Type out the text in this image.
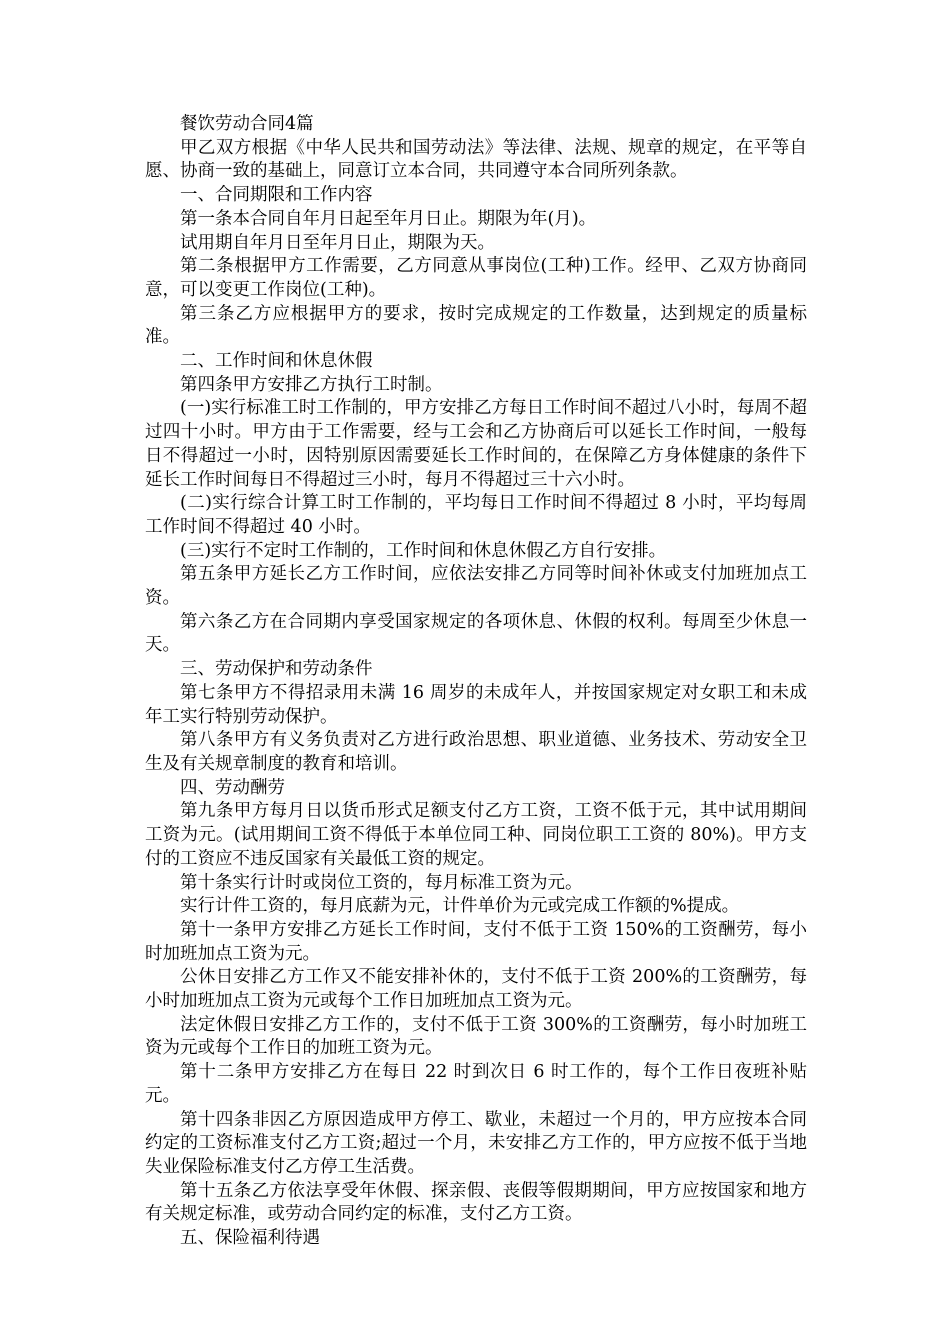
餐饮劳动合同4篇

甲乙双方根据《中华人民共和国劳动法》等法律、法规、规章的规定，在平等自愿、协商一致的基础上，同意订立本合同，共同遵守本合同所列条款。

一、合同期限和工作内容

第一条本合同自年月日起至年月日止。期限为年(月)。

试用期自年月日至年月日止，期限为天。

第二条根据甲方工作需要，乙方同意从事岗位(工种)工作。经甲、乙双方协商同意，可以变更工作岗位(工种)。

第三条乙方应根据甲方的要求，按时完成规定的工作数量，达到规定的质量标准。

二、工作时间和休息休假

第四条甲方安排乙方执行工时制。

(一)实行标准工时工作制的，甲方安排乙方每日工作时间不超过八小时，每周不超过四十小时。甲方由于工作需要，经与工会和乙方协商后可以延长工作时间，一般每日不得超过一小时，因特别原因需要延长工作时间的，在保障乙方身体健康的条件下延长工作时间每日不得超过三小时，每月不得超过三十六小时。

(二)实行综合计算工时工作制的，平均每日工作时间不得超过 8 小时，平均每周工作时间不得超过 40 小时。

(三)实行不定时工作制的，工作时间和休息休假乙方自行安排。

第五条甲方延长乙方工作时间，应依法安排乙方同等时间补休或支付加班加点工资。

第六条乙方在合同期内享受国家规定的各项休息、休假的权利。每周至少休息一天。

三、劳动保护和劳动条件

第七条甲方不得招录用未满 16 周岁的未成年人，并按国家规定对女职工和未成年工实行特别劳动保护。

第八条甲方有义务负责对乙方进行政治思想、职业道德、业务技术、劳动安全卫生及有关规章制度的教育和培训。

四、劳动酬劳

第九条甲方每月日以货币形式足额支付乙方工资，工资不低于元，其中试用期间工资为元。(试用期间工资不得低于本单位同工种、同岗位职工工资的 80%)。甲方支付的工资应不违反国家有关最低工资的规定。

第十条实行计时或岗位工资的，每月标准工资为元。

实行计件工资的，每月底薪为元，计件单价为元或完成工作额的%提成。

第十一条甲方安排乙方延长工作时间，支付不低于工资 150%的工资酬劳，每小时加班加点工资为元。

公休日安排乙方工作又不能安排补休的，支付不低于工资 200%的工资酬劳，每小时加班加点工资为元或每个工作日加班加点工资为元。

法定休假日安排乙方工作的，支付不低于工资 300%的工资酬劳，每小时加班工资为元或每个工作日的加班工资为元。

第十二条甲方安排乙方在每日 22 时到次日 6 时工作的，每个工作日夜班补贴元。

第十四条非因乙方原因造成甲方停工、歇业，未超过一个月的，甲方应按本合同约定的工资标准支付乙方工资;超过一个月，未安排乙方工作的，甲方应按不低于当地失业保险标准支付乙方停工生活费。

第十五条乙方依法享受年休假、探亲假、丧假等假期期间，甲方应按国家和地方有关规定标准，或劳动合同约定的标准，支付乙方工资。

五、保险福利待遇
